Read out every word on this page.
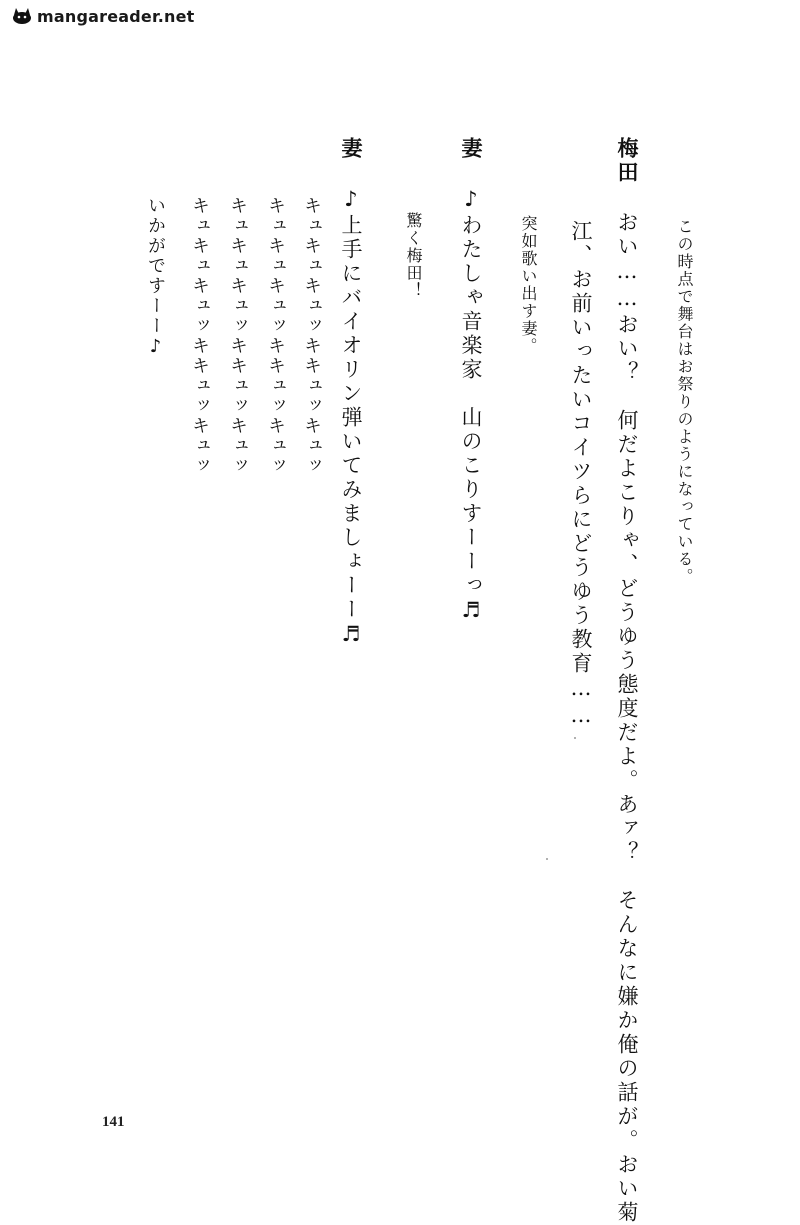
mangareader.net
この時点で舞台はお祭りのようになっている。
梅田おい……おい？　何だよこりゃ、どうゆう態度だよ。あァ？　そんなに嫌か俺の話が。おい菊
江、お前いったいコイツらにどうゆう教育……
突如歌い出す妻。
妻♪わたしゃ音楽家　山のこりすーーっ♬
驚く梅田！
妻♪上手にバイオリン弾いてみましょーー♬
キュキュキュッキキュッキュッ
キュキュキュッキキュッキュッ
キュキュキュッキキュッキュッ
キュキュキュッキキュッキュッ
いかがですーー♪
141
